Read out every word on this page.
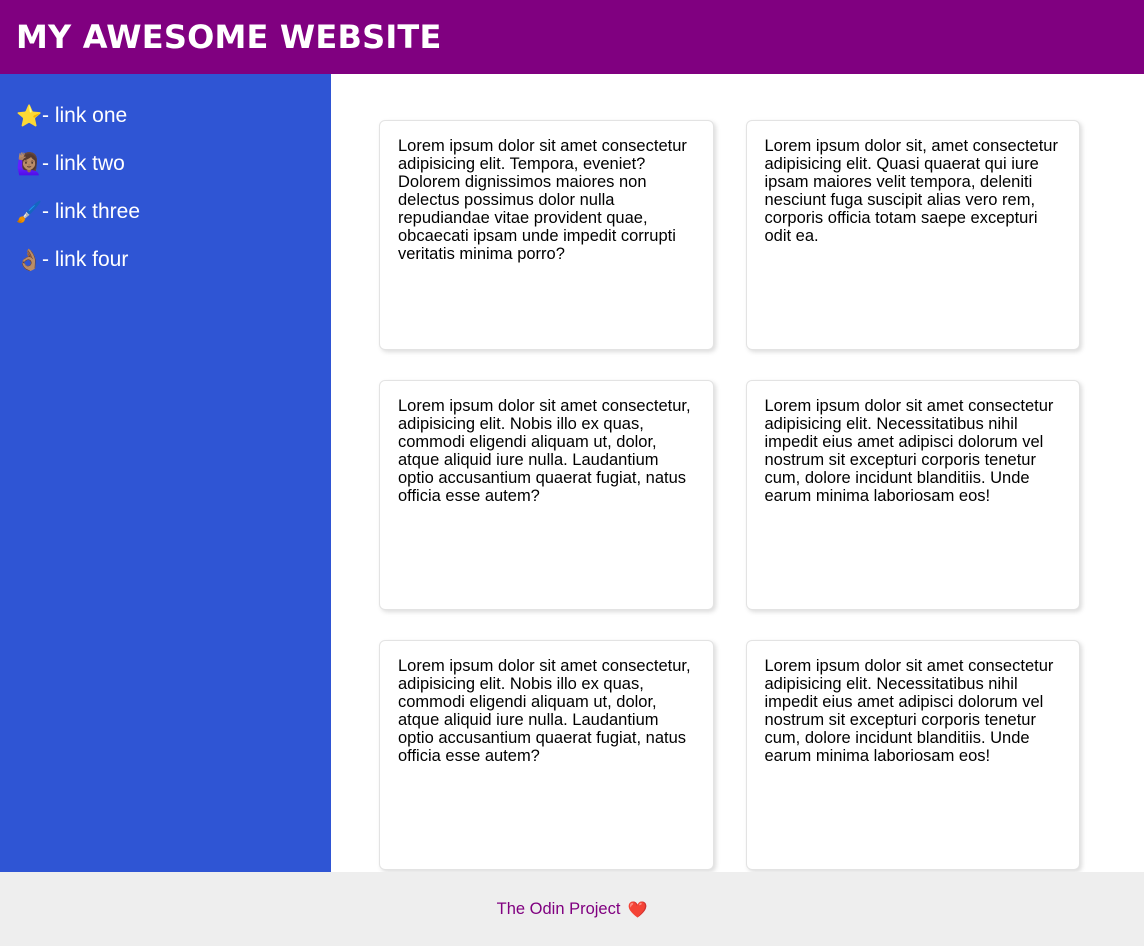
MY AWESOME WEBSITE
⭐ - link one
🙋🏽‍♀️ - link two
🖌️ - link three
👌🏽 - link four

Lorem ipsum dolor sit amet consectetur adipisicing elit. Tempora, eveniet? Dolorem dignissimos maiores non delectus possimus dolor nulla repudiandae vitae provident quae, obcaecati ipsam unde impedit corrupti veritatis minima porro?

Lorem ipsum dolor sit, amet consectetur adipisicing elit. Quasi quaerat qui iure ipsam maiores velit tempora, deleniti nesciunt fuga suscipit alias vero rem, corporis officia totam saepe excepturi odit ea.

Lorem ipsum dolor sit amet consectetur, adipisicing elit. Nobis illo ex quas, commodi eligendi aliquam ut, dolor, atque aliquid iure nulla. Laudantium optio accusantium quaerat fugiat, natus officia esse autem?

Lorem ipsum dolor sit amet consectetur adipisicing elit. Necessitatibus nihil impedit eius amet adipisci dolorum vel nostrum sit excepturi corporis tenetur cum, dolore incidunt blanditiis. Unde earum minima laboriosam eos!

Lorem ipsum dolor sit amet consectetur, adipisicing elit. Nobis illo ex quas, commodi eligendi aliquam ut, dolor, atque aliquid iure nulla. Laudantium optio accusantium quaerat fugiat, natus officia esse autem?

Lorem ipsum dolor sit amet consectetur adipisicing elit. Necessitatibus nihil impedit eius amet adipisci dolorum vel nostrum sit excepturi corporis tenetur cum, dolore incidunt blanditiis. Unde earum minima laboriosam eos!

The Odin Project ❤️
